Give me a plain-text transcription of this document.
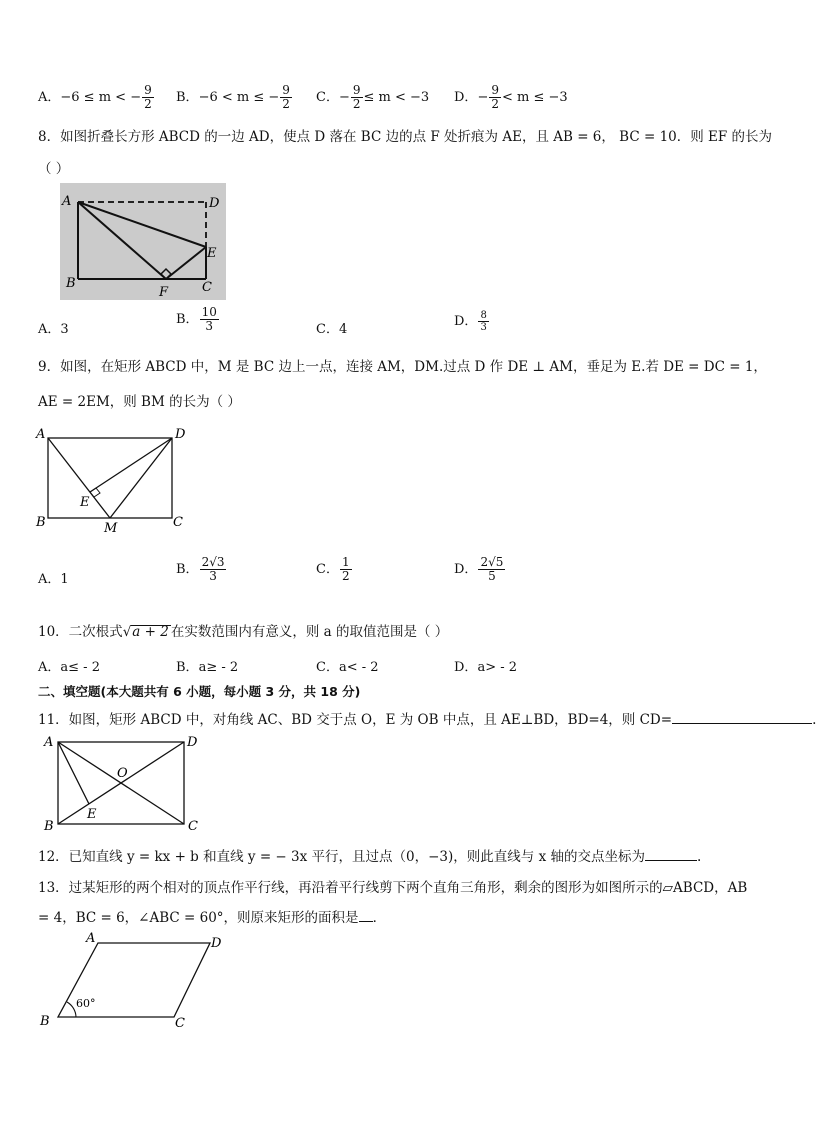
A．−6 ≤ m < − $\frac{9}{2}$ B．−6 < m ≤ − $\frac{9}{2}$ C．− $\frac{9}{2} \le m < -3$ D．− $\frac{9}{2} < m \le -3$
8．如图折叠长方形 ABCD 的一边 AD，使点 D 落在 BC 边的点 F 处折痕为 AE，且 AB = 6， BC = 10．则 EF 的长为
（ ）
A	D
E
B
F	C
A．3
B． $\frac{10}{3}$	C．4
D． $\frac{8}{3}$
9．如图，在矩形 ABCD 中，M 是 BC 边上一点，连接 AM，DM.过点 D 作 DE ⊥ AM，垂足为 E.若 DE = DC = 1，
AE = 2EM，则 BM 的长为（ ）
A	D
E
B	M	C
A．1
B． $\frac{2√3}{3}$	C． $\frac{1}{2}$	D． $\frac{2√5}{5}$
10．二次根式√a + 2 在实数范围内有意义，则 a 的取值范围是（ ）
A．a≤ - 2	B．a≥ - 2	C．a< - 2	D．a> - 2
二、填空题(本大题共有 6 小题，每小题 3 分，共 18 分)
11．如图，矩形 ABCD 中，对角线 AC、BD 交于点 O，E 为 OB 中点，且 AE⊥BD，BD=4，则 CD=	.
A	D
O
E
B	C
12．已知直线 y = kx + b 和直线 y = − 3x 平行，且过点（0，−3)，则此直线与 x 轴的交点坐标为	.
13．过某矩形的两个相对的顶点作平行线，再沿着平行线剪下两个直角三角形，剩余的图形为如图所示的▱ABCD，AB
= 4，BC = 6，∠ABC = 60°，则原来矩形的面积是 ．
A	D
B	C
60°
